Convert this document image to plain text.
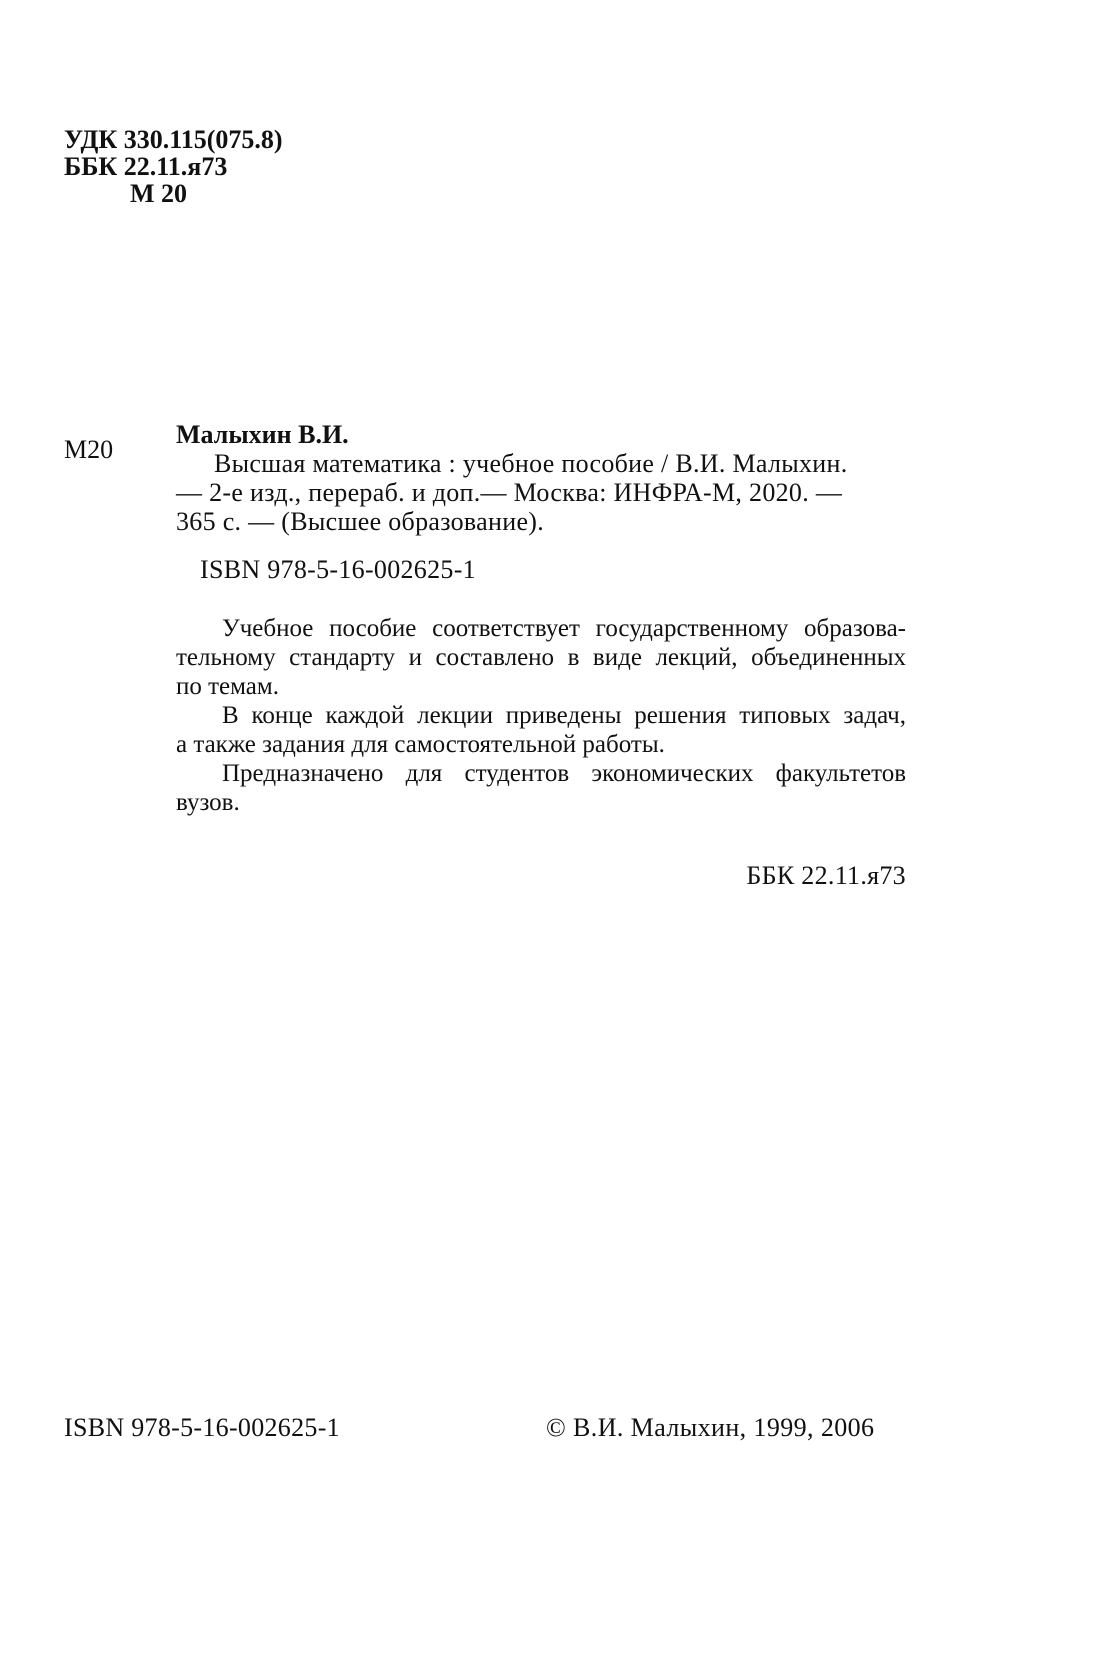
УДК 330.115(075.8)
ББК 22.11.я73
М 20
М20
Малыхин В.И.
Высшая математика : учебное пособие / В.И. Малыхин.
— 2-е изд., перераб. и доп.— Москва: ИНФРА-М, 2020. —
365 с. — (Высшее образование).
ISBN 978-5-16-002625-1
Учебное пособие соответствует государственному образова-
тельному стандарту и составлено в виде лекций, объединенных
по темам.
В конце каждой лекции приведены решения типовых задач,
а также задания для самостоятельной работы.
Предназначено для студентов экономических факультетов
вузов.
ББК 22.11.я73
ISBN 978-5-16-002625-1	© В.И. Малыхин, 1999, 2006
